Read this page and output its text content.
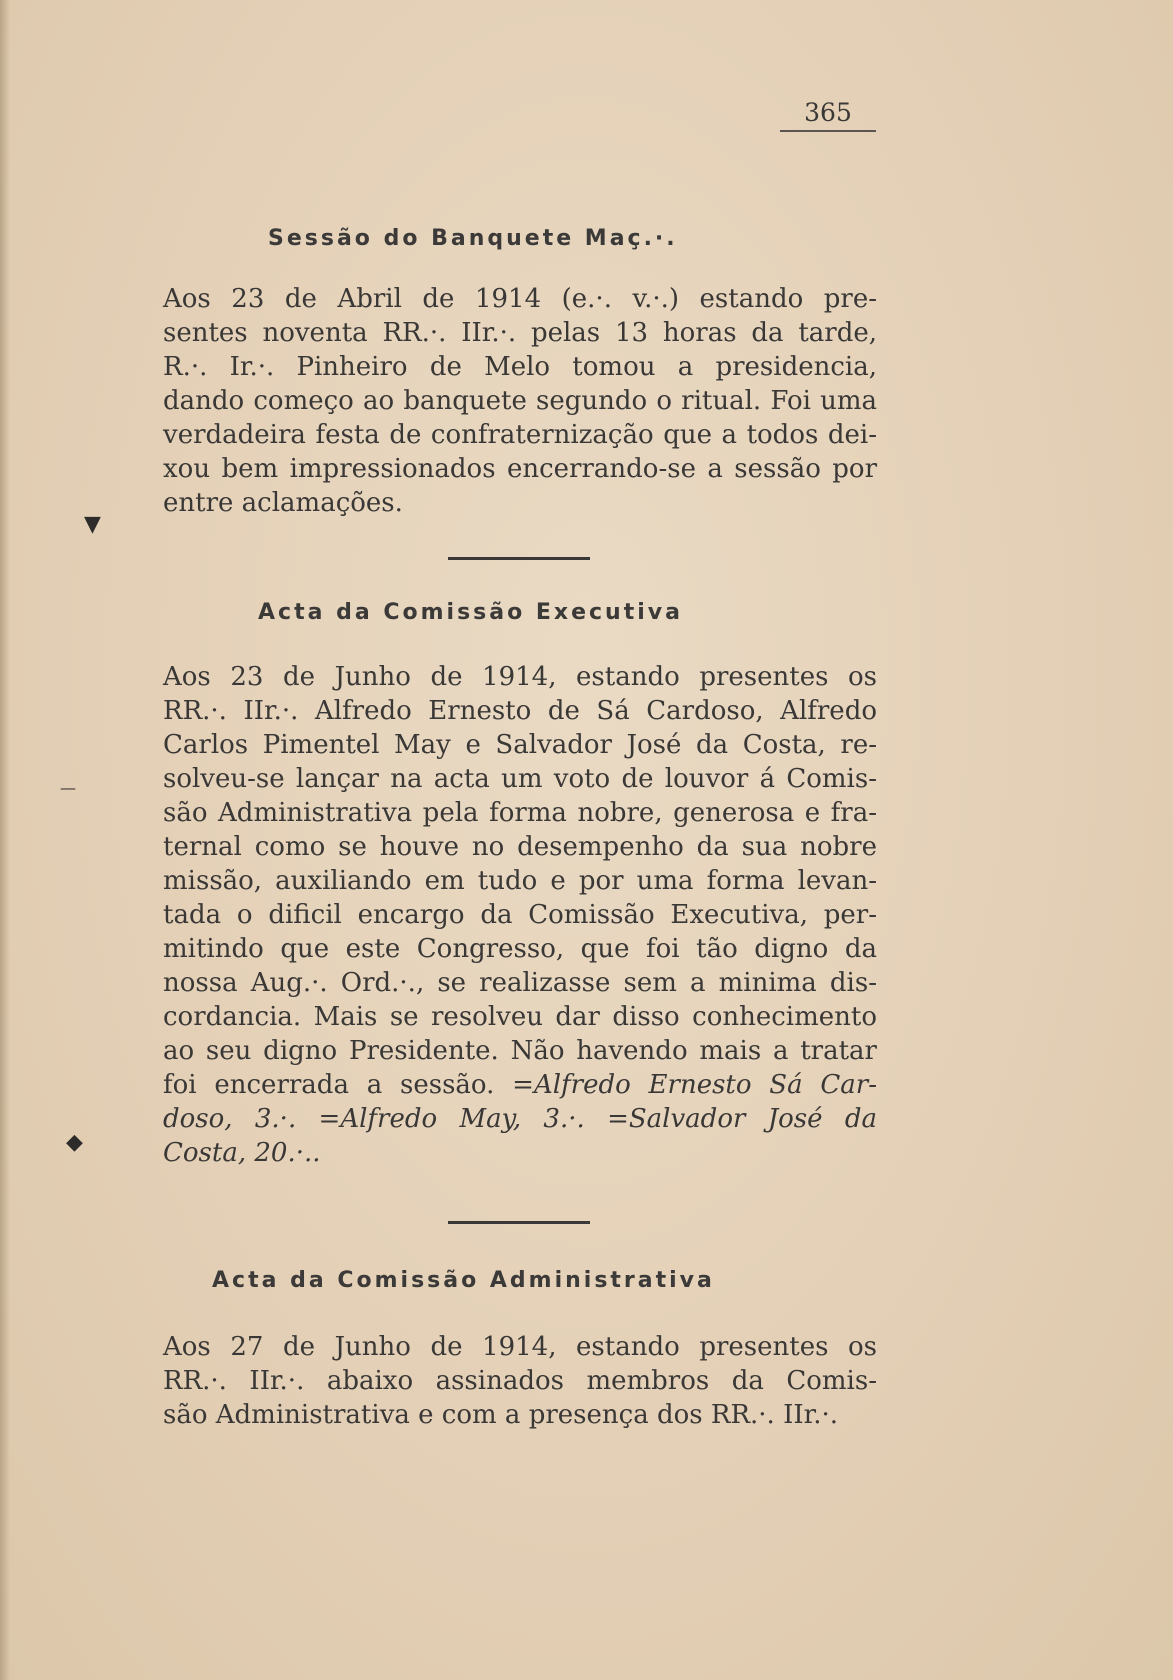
▼
—
◆
365
Sessão do Banquete Maç.·.

Aos 23 de Abril de 1914 (e.·. v.·.) estando pre-
sentes noventa RR.·. IIr.·. pelas 13 horas da tarde,
R.·. Ir.·. Pinheiro de Melo tomou a presidencia,
dando começo ao banquete segundo o ritual. Foi uma
verdadeira festa de confraternização que a todos dei-
xou bem impressionados encerrando-se a sessão por
entre aclamações.

Acta da Comissão Executiva

Aos 23 de Junho de 1914, estando presentes os
RR.·. IIr.·. Alfredo Ernesto de Sá Cardoso, Alfredo
Carlos Pimentel May e Salvador José da Costa, re-
solveu-se lançar na acta um voto de louvor á Comis-
são Administrativa pela forma nobre, generosa e fra-
ternal como se houve no desempenho da sua nobre
missão, auxiliando em tudo e por uma forma levan-
tada o dificil encargo da Comissão Executiva, per-
mitindo que este Congresso, que foi tão digno da
nossa Aug.·. Ord.·., se realizasse sem a minima dis-
cordancia. Mais se resolveu dar disso conhecimento
ao seu digno Presidente. Não havendo mais a tratar
foi encerrada a sessão. =Alfredo Ernesto Sá Car-
doso, 3.·. =Alfredo May, 3.·. =Salvador José da
Costa, 20.·..

Acta da Comissão Administrativa

Aos 27 de Junho de 1914, estando presentes os
RR.·. IIr.·. abaixo assinados membros da Comis-
são Administrativa e com a presença dos RR.·. IIr.·.
